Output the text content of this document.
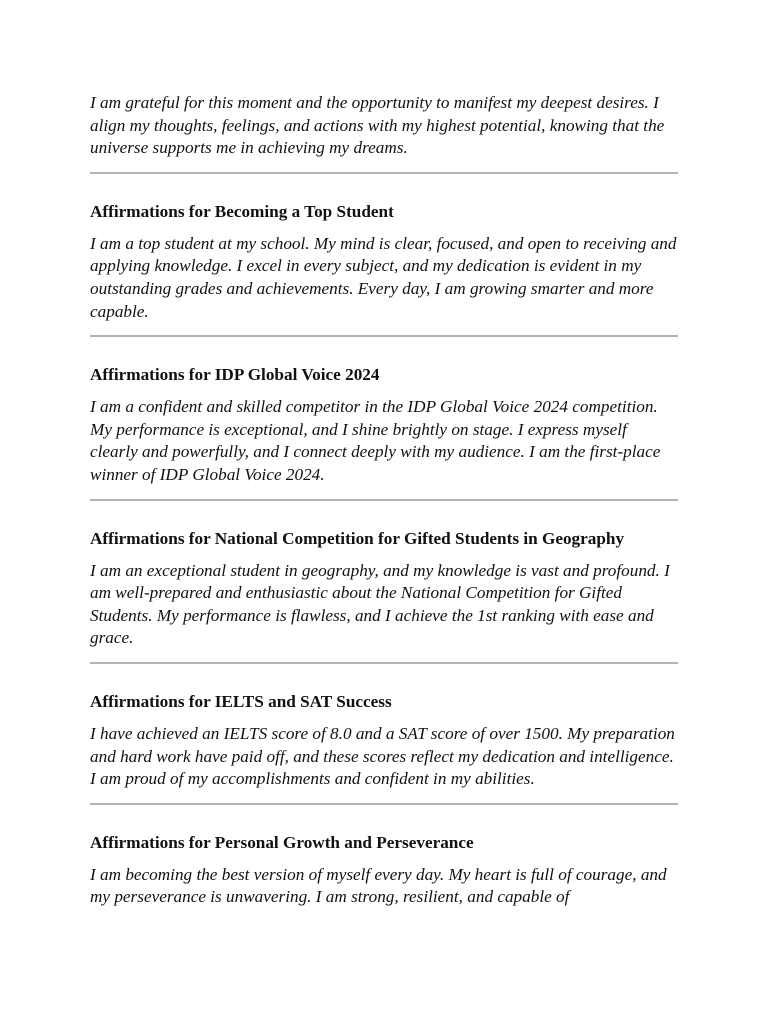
I am grateful for this moment and the opportunity to manifest my deepest desires. I align my thoughts, feelings, and actions with my highest potential, knowing that the universe supports me in achieving my dreams.

Affirmations for Becoming a Top Student

I am a top student at my school. My mind is clear, focused, and open to receiving and applying knowledge. I excel in every subject, and my dedication is evident in my outstanding grades and achievements. Every day, I am growing smarter and more capable.

Affirmations for IDP Global Voice 2024

I am a confident and skilled competitor in the IDP Global Voice 2024 competition. My performance is exceptional, and I shine brightly on stage. I express myself clearly and powerfully, and I connect deeply with my audience. I am the first-place winner of IDP Global Voice 2024.

Affirmations for National Competition for Gifted Students in Geography

I am an exceptional student in geography, and my knowledge is vast and profound. I am well-prepared and enthusiastic about the National Competition for Gifted Students. My performance is flawless, and I achieve the 1st ranking with ease and grace.

Affirmations for IELTS and SAT Success

I have achieved an IELTS score of 8.0 and a SAT score of over 1500. My preparation and hard work have paid off, and these scores reflect my dedication and intelligence. I am proud of my accomplishments and confident in my abilities.

Affirmations for Personal Growth and Perseverance

I am becoming the best version of myself every day. My heart is full of courage, and my perseverance is unwavering. I am strong, resilient, and capable of
